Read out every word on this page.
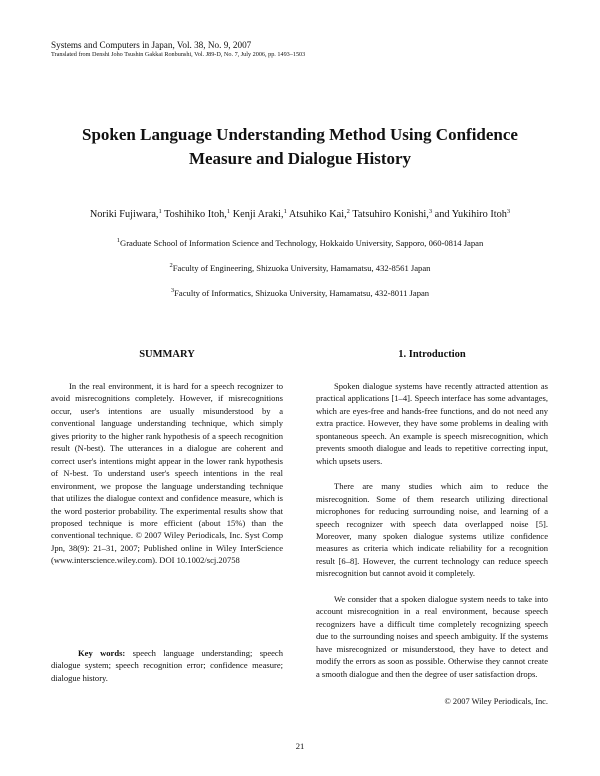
Systems and Computers in Japan, Vol. 38, No. 9, 2007
Translated from Denshi Joho Tsushin Gakkai Ronbunshi, Vol. J89-D, No. 7, July 2006, pp. 1493–1503
Spoken Language Understanding Method Using Confidence
Measure and Dialogue History
Noriki Fujiwara,$^1$ Toshihiko Itoh,$^1$ Kenji Araki,$^1$ Atsuhiko Kai,$^2$ Tatsuhiro Konishi,$^3$ and Yukihiro Itoh$^3$
$^1$Graduate School of Information Science and Technology, Hokkaido University, Sapporo, 060-0814 Japan
$^2$Faculty of Engineering, Shizuoka University, Hamamatsu, 432-8561 Japan
$^3$Faculty of Informatics, Shizuoka University, Hamamatsu, 432-8011 Japan
SUMMARY

In the real environment, it is hard for a speech recognizer to avoid misrecognitions completely. However, if misrecognitions occur, user's intentions are usually misunderstood by a conventional language understanding technique, which simply gives priority to the higher rank hypothesis of a speech recognition result (N-best). The utterances in a dialogue are coherent and correct user's intentions might appear in the lower rank hypothesis of N-best. To understand user's speech intentions in the real environment, we propose the language understanding technique that utilizes the dialogue context and confidence measure, which is the word posterior probability. The experimental results show that proposed technique is more efficient (about 15%) than the conventional technique. © 2007 Wiley Periodicals, Inc. Syst Comp Jpn, 38(9): 21–31, 2007; Published online in Wiley InterScience (www.interscience.wiley.com). DOI 10.1002/scj.20758

Key words: speech language understanding; speech dialogue system; speech recognition error; confidence measure; dialogue history.
1. Introduction

Spoken dialogue systems have recently attracted attention as practical applications [1–4]. Speech interface has some advantages, which are eyes-free and hands-free functions, and do not need any extra practice. However, they have some problems in dealing with spontaneous speech. An example is speech misrecognition, which prevents smooth dialogue and leads to repetitive correcting input, which upsets users.

There are many studies which aim to reduce the misrecognition. Some of them research utilizing directional microphones for reducing surrounding noise, and learning of a speech recognizer with speech data overlapped noise [5]. Moreover, many spoken dialogue systems utilize confidence measures as criteria which indicate reliability for a recognition result [6–8]. However, the current technology can reduce speech misrecognition but cannot avoid it completely.

We consider that a spoken dialogue system needs to take into account misrecognition in a real environment, because speech recognizers have a difficult time completely recognizing speech due to the surrounding noises and speech ambiguity. If the systems have misrecognized or misunderstood, they have to detect and modify the errors as soon as possible. Otherwise they cannot create a smooth dialogue and then the degree of user satisfaction drops.

© 2007 Wiley Periodicals, Inc.
21
